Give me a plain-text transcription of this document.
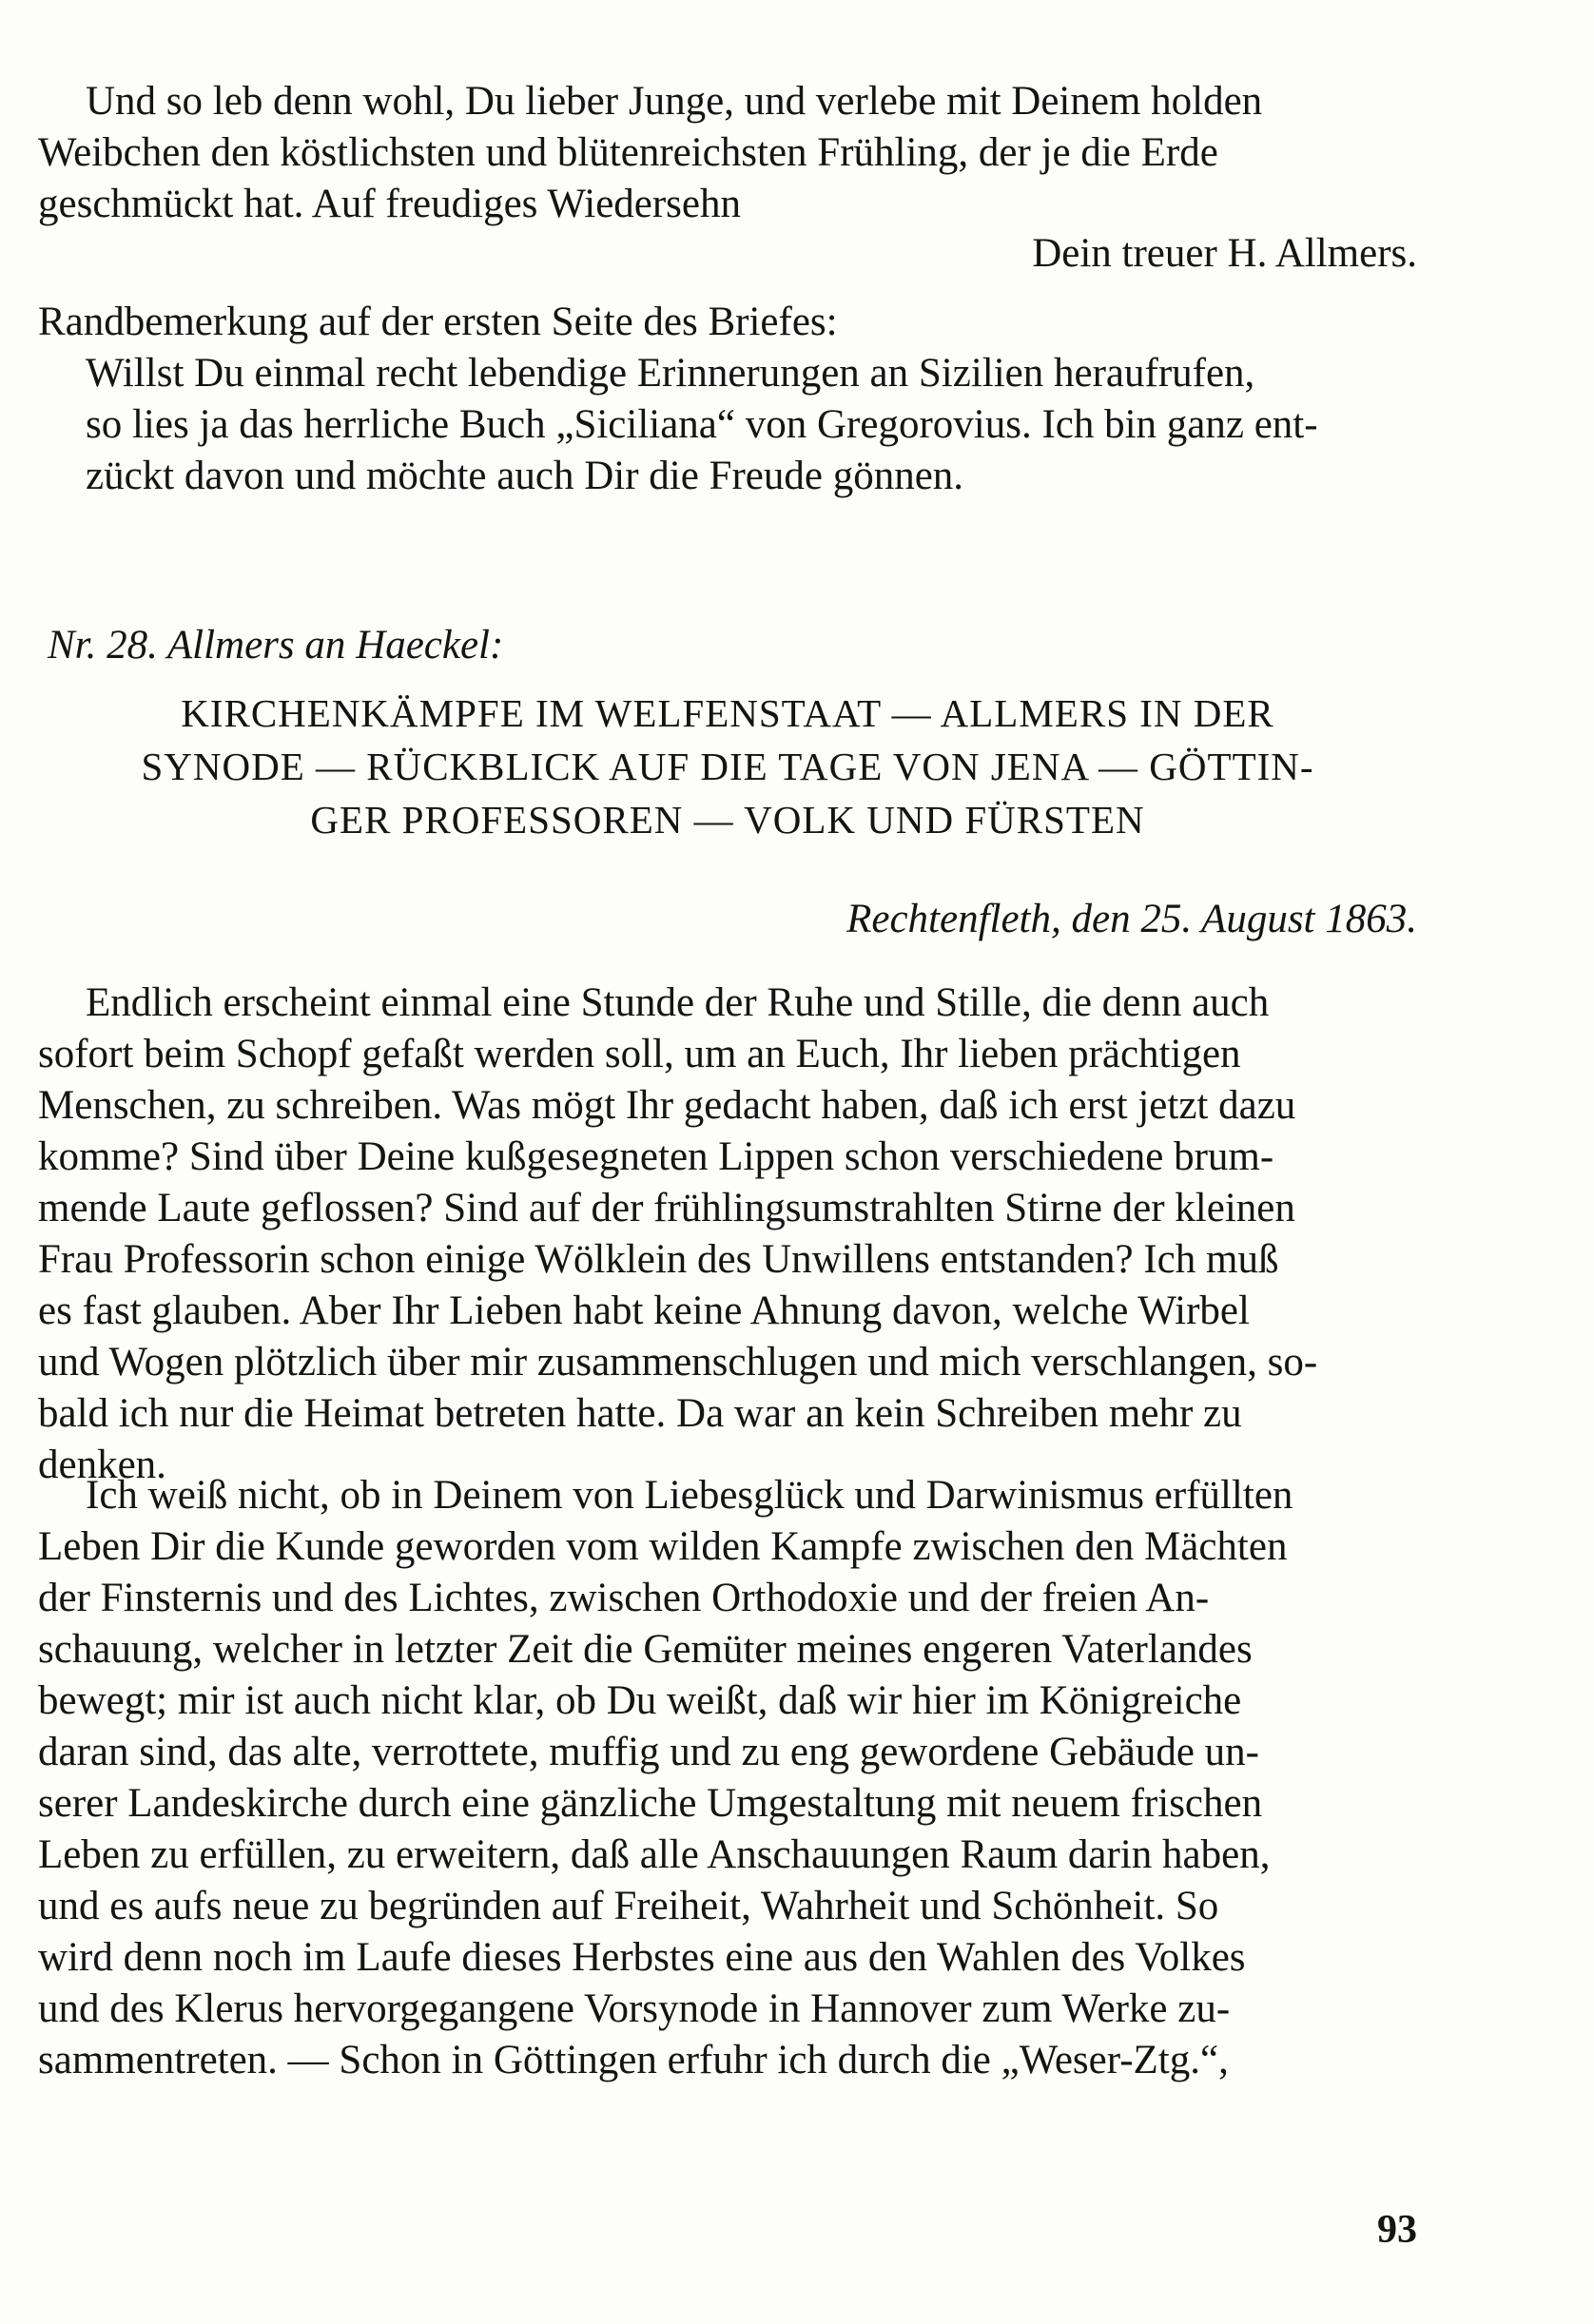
Und so leb denn wohl, Du lieber Junge, und verlebe mit Deinem holden
Weibchen den köstlichsten und blütenreichsten Frühling, der je die Erde
geschmückt hat. Auf freudiges Wiedersehn
Dein treuer H. Allmers.
Randbemerkung auf der ersten Seite des Briefes:
Willst Du einmal recht lebendige Erinnerungen an Sizilien heraufrufen,
so lies ja das herrliche Buch „Siciliana“ von Gregorovius. Ich bin ganz ent-
zückt davon und möchte auch Dir die Freude gönnen.
Nr. 28. Allmers an Haeckel:
KIRCHENKÄMPFE IM WELFENSTAAT — ALLMERS IN DER
SYNODE — RÜCKBLICK AUF DIE TAGE VON JENA — GÖTTIN-
GER PROFESSOREN — VOLK UND FÜRSTEN
Rechtenfleth, den 25. August 1863.
Endlich erscheint einmal eine Stunde der Ruhe und Stille, die denn auch
sofort beim Schopf gefaßt werden soll, um an Euch, Ihr lieben prächtigen
Menschen, zu schreiben. Was mögt Ihr gedacht haben, daß ich erst jetzt dazu
komme? Sind über Deine kußgesegneten Lippen schon verschiedene brum-
mende Laute geflossen? Sind auf der frühlingsumstrahlten Stirne der kleinen
Frau Professorin schon einige Wölklein des Unwillens entstanden? Ich muß
es fast glauben. Aber Ihr Lieben habt keine Ahnung davon, welche Wirbel
und Wogen plötzlich über mir zusammenschlugen und mich verschlangen, so-
bald ich nur die Heimat betreten hatte. Da war an kein Schreiben mehr zu
denken.
Ich weiß nicht, ob in Deinem von Liebesglück und Darwinismus erfüllten
Leben Dir die Kunde geworden vom wilden Kampfe zwischen den Mächten
der Finsternis und des Lichtes, zwischen Orthodoxie und der freien An-
schauung, welcher in letzter Zeit die Gemüter meines engeren Vaterlandes
bewegt; mir ist auch nicht klar, ob Du weißt, daß wir hier im Königreiche
daran sind, das alte, verrottete, muffig und zu eng gewordene Gebäude un-
serer Landeskirche durch eine gänzliche Umgestaltung mit neuem frischen
Leben zu erfüllen, zu erweitern, daß alle Anschauungen Raum darin haben,
und es aufs neue zu begründen auf Freiheit, Wahrheit und Schönheit. So
wird denn noch im Laufe dieses Herbstes eine aus den Wahlen des Volkes
und des Klerus hervorgegangene Vorsynode in Hannover zum Werke zu-
sammentreten. — Schon in Göttingen erfuhr ich durch die „Weser-Ztg.“,
93
